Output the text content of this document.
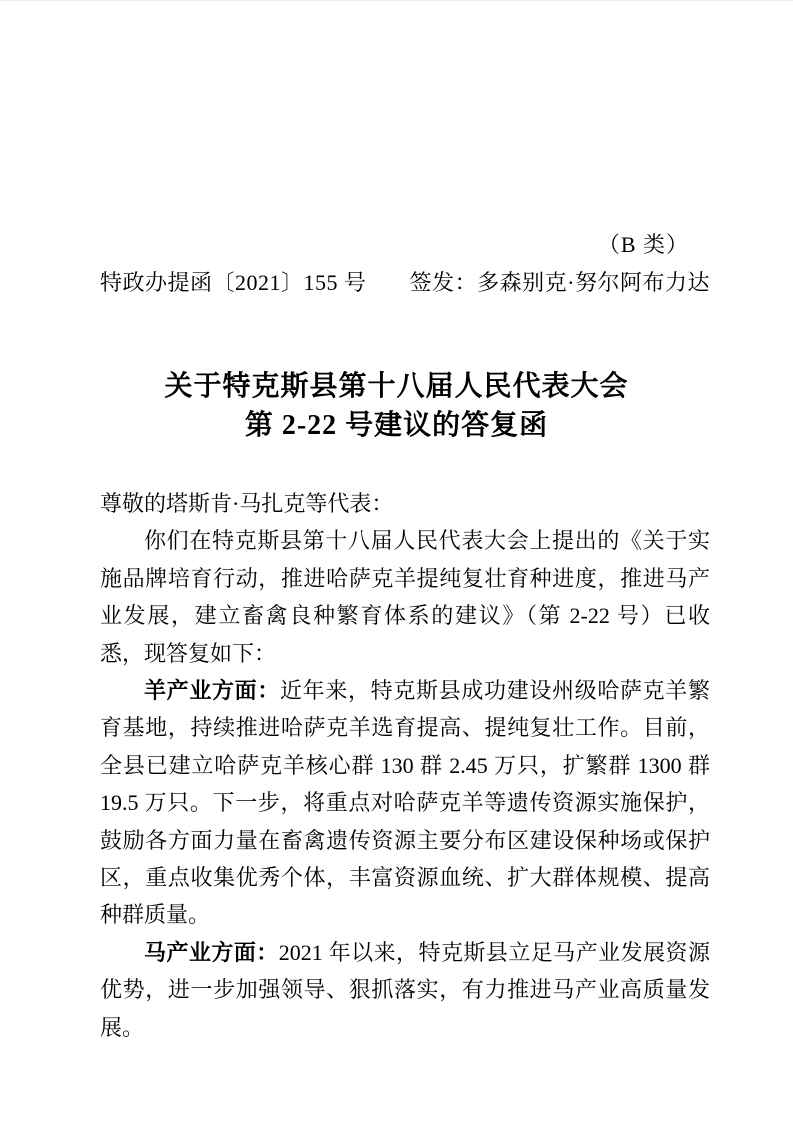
（B 类）
特政办提函〔2021〕155 号 签发：多森别克·努尔阿布力达
关于特克斯县第十八届人民代表大会
第 2-22 号建议的答复函

尊敬的塔斯肯·马扎克等代表：

你们在特克斯县第十八届人民代表大会上提出的《关于实施品牌培育行动，推进哈萨克羊提纯复壮育种进度，推进马产业发展，建立畜禽良种繁育体系的建议》（第 2-22 号）已收悉，现答复如下：

羊产业方面：近年来，特克斯县成功建设州级哈萨克羊繁育基地，持续推进哈萨克羊选育提高、提纯复壮工作。目前，全县已建立哈萨克羊核心群 130 群 2.45 万只，扩繁群 1300 群 19.5 万只。下一步，将重点对哈萨克羊等遗传资源实施保护，鼓励各方面力量在畜禽遗传资源主要分布区建设保种场或保护区，重点收集优秀个体，丰富资源血统、扩大群体规模、提高种群质量。

马产业方面：2021 年以来，特克斯县立足马产业发展资源优势，进一步加强领导、狠抓落实，有力推进马产业高质量发展。
